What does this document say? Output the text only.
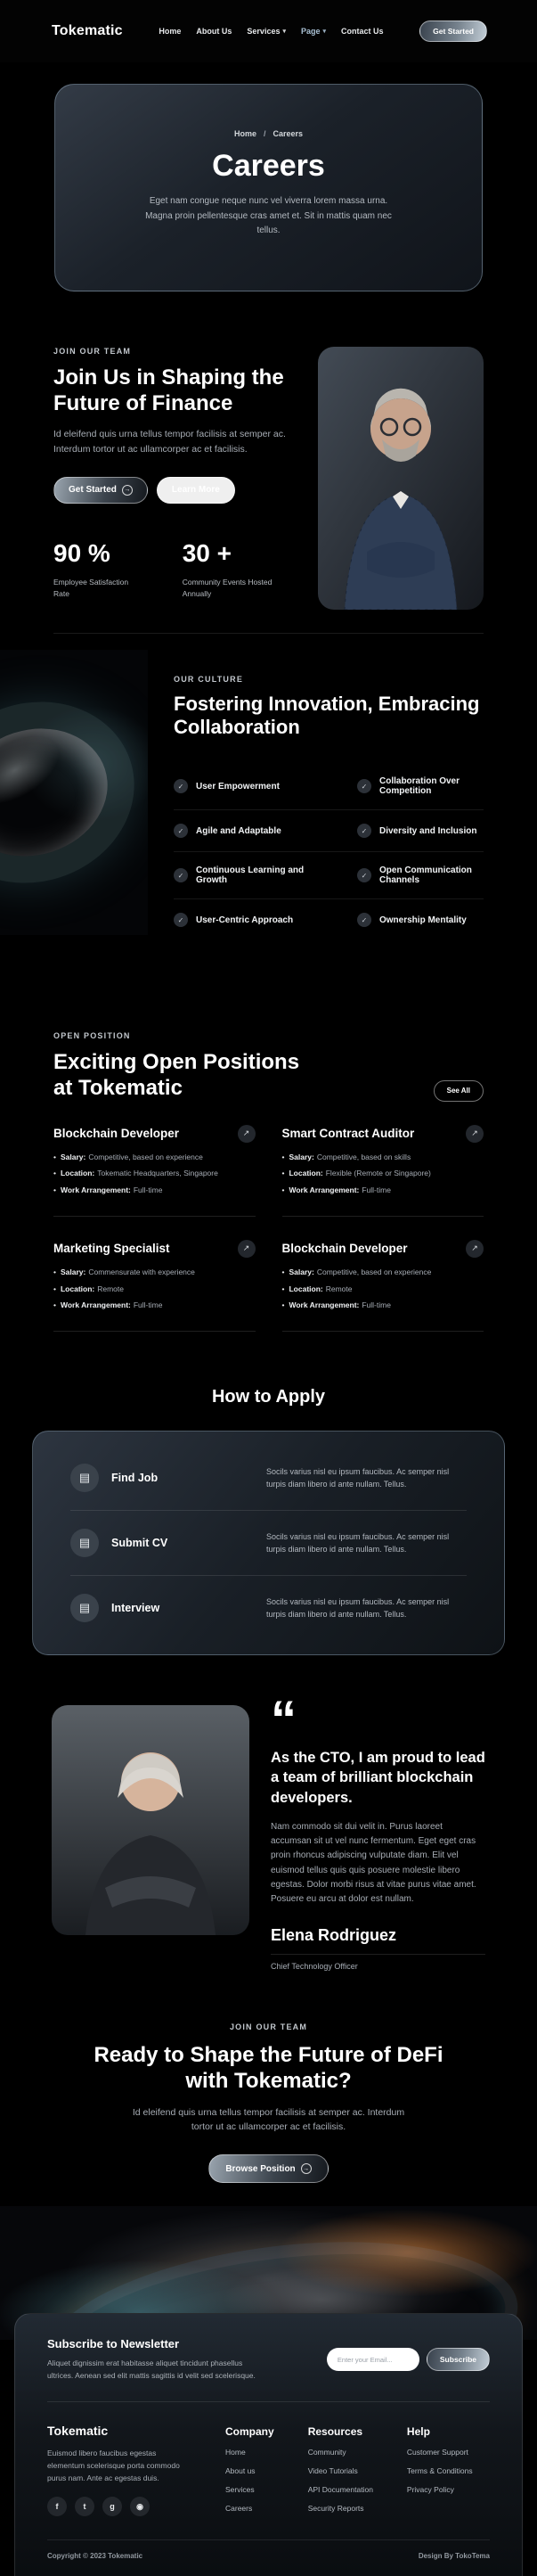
Tokematic	Home About Us Services ▾ Page ▾ Contact Us	Get Started
Home / Careers
Careers
Eget nam congue neque nunc vel viverra lorem massa urna. Magna proin pellentesque cras amet et. Sit in mattis quam nec tellus.
JOIN OUR TEAM
Join Us in Shaping the Future of Finance
Id eleifend quis urna tellus tempor facilisis at semper ac. Interdum tortor ut ac ullamcorper ac et facilisis.
Get Started	→	Learn More
90 %
Employee Satisfaction Rate
30 +
Community Events Hosted Annually
OUR CULTURE
Fostering Innovation, Embracing Collaboration
✓	User Empowerment	✓	Collaboration Over Competition
✓	Agile and Adaptable	✓	Diversity and Inclusion
✓	Continuous Learning and Growth	✓	Open Communication Channels
✓	User-Centric Approach	✓	Ownership Mentality
OPEN POSITION
Exciting Open Positions at Tokematic	See All
Blockchain Developer	↗
• Salary: Competitive, based on experience
• Location: Tokematic Headquarters, Singapore
• Work Arrangement: Full-time
Smart Contract Auditor	↗
• Salary: Competitive, based on skills
• Location: Flexible (Remote or Singapore)
• Work Arrangement: Full-time
Marketing Specialist	↗
• Salary: Commensurate with experience
• Location: Remote
• Work Arrangement: Full-time
Blockchain Developer	↗
• Salary: Competitive, based on experience
• Location: Remote
• Work Arrangement: Full-time
How to Apply
▤	Find Job
Socils varius nisl eu ipsum faucibus. Ac semper nisl turpis diam libero id ante nullam. Tellus.
▤	Submit CV
Socils varius nisl eu ipsum faucibus. Ac semper nisl turpis diam libero id ante nullam. Tellus.
▤	Interview
Socils varius nisl eu ipsum faucibus. Ac semper nisl turpis diam libero id ante nullam. Tellus.
“
As the CTO, I am proud to lead a team of brilliant blockchain developers.
Nam commodo sit dui velit in. Purus laoreet accumsan sit ut vel nunc fermentum. Eget eget cras proin rhoncus adipiscing vulputate diam. Elit vel euismod tellus quis quis posuere molestie libero egestas. Dolor morbi risus at vitae purus vitae amet. Posuere eu arcu at dolor est nullam.
Elena Rodriguez
Chief Technology Officer
JOIN OUR TEAM
Ready to Shape the Future of DeFi with Tokematic?
Id eleifend quis urna tellus tempor facilisis at semper ac. Interdum tortor ut ac ullamcorper ac et facilisis.
Browse Position	→
Subscribe to Newsletter
Aliquet dignissim erat habitasse aliquet tincidunt phasellus ultrices. Aenean sed elit mattis sagittis id velit sed scelerisque.
Enter your Email...
Subscribe
Tokematic
Euismod libero faucibus egestas elementum scelerisque porta commodo purus nam. Ante ac egestas duis.
f	t	g	◉
Company
Home
About us
Services
Careers
Resources
Community
Video Tutorials
API Documentation
Security Reports
Help
Customer Support
Terms & Conditions
Privacy Policy
Copyright © 2023 Tokematic	Design By TokoTema
